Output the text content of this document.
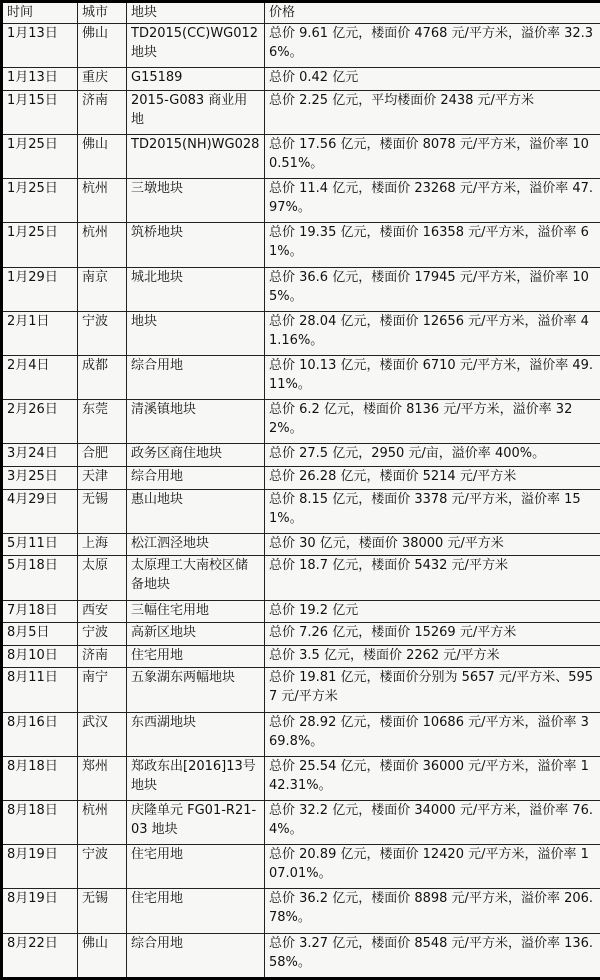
时间	城市	地块	价格
1月13日	佛山	TD2015(CC)WG012地块	总价 9.61 亿元，楼面价 4768 元/平方米，溢价率 32.36%。
1月13日	重庆	G15189	总价 0.42 亿元
1月15日	济南	2015-G083 商业用地	总价 2.25 亿元，平均楼面价 2438 元/平方米
1月25日	佛山	TD2015(NH)WG028	总价 17.56 亿元，楼面价 8078 元/平方米，溢价率 100.51%。
1月25日	杭州	三墩地块	总价 11.4 亿元，楼面价 23268 元/平方米，溢价率 47.97%。
1月25日	杭州	筑桥地块	总价 19.35 亿元，楼面价 16358 元/平方米，溢价率 61%。
1月29日	南京	城北地块	总价 36.6 亿元，楼面价 17945 元/平方米，溢价率 105%。
2月1日	宁波	地块	总价 28.04 亿元，楼面价 12656 元/平方米，溢价率 41.16%。
2月4日	成都	综合用地	总价 10.13 亿元，楼面价 6710 元/平方米，溢价率 49.11%。
2月26日	东莞	清溪镇地块	总价 6.2 亿元，楼面价 8136 元/平方米，溢价率 322%。
3月24日	合肥	政务区商住地块	总价 27.5 亿元，2950 元/亩，溢价率 400%。
3月25日	天津	综合用地	总价 26.28 亿元，楼面价 5214 元/平方米
4月29日	无锡	惠山地块	总价 8.15 亿元，楼面价 3378 元/平方米，溢价率 151%。
5月11日	上海	松江泗泾地块	总价 30 亿元，楼面价 38000 元/平方米
5月18日	太原	太原理工大南校区储备地块	总价 18.7 亿元，楼面价 5432 元/平方米
7月18日	西安	三幅住宅用地	总价 19.2 亿元
8月5日	宁波	高新区地块	总价 7.26 亿元，楼面价 15269 元/平方米
8月10日	济南	住宅用地	总价 3.5 亿元，楼面价 2262 元/平方米
8月11日	南宁	五象湖东两幅地块	总价 19.81 亿元，楼面价分别为 5657 元/平方米、5957 元/平方米
8月16日	武汉	东西湖地块	总价 28.92 亿元，楼面价 10686 元/平方米，溢价率 369.8%。
8月18日	郑州	郑政东出[2016]13号地块	总价 25.54 亿元，楼面价 36000 元/平方米，溢价率 142.31%。
8月18日	杭州	庆隆单元 FG01-R21-03 地块	总价 32.2 亿元，楼面价 34000 元/平方米，溢价率 76.4%。
8月19日	宁波	住宅用地	总价 20.89 亿元，楼面价 12420 元/平方米，溢价率 107.01%。
8月19日	无锡	住宅用地	总价 36.2 亿元，楼面价 8898 元/平方米，溢价率 206.78%。
8月22日	佛山	综合用地	总价 3.27 亿元，楼面价 8548 元/平方米，溢价率 136.58%。
